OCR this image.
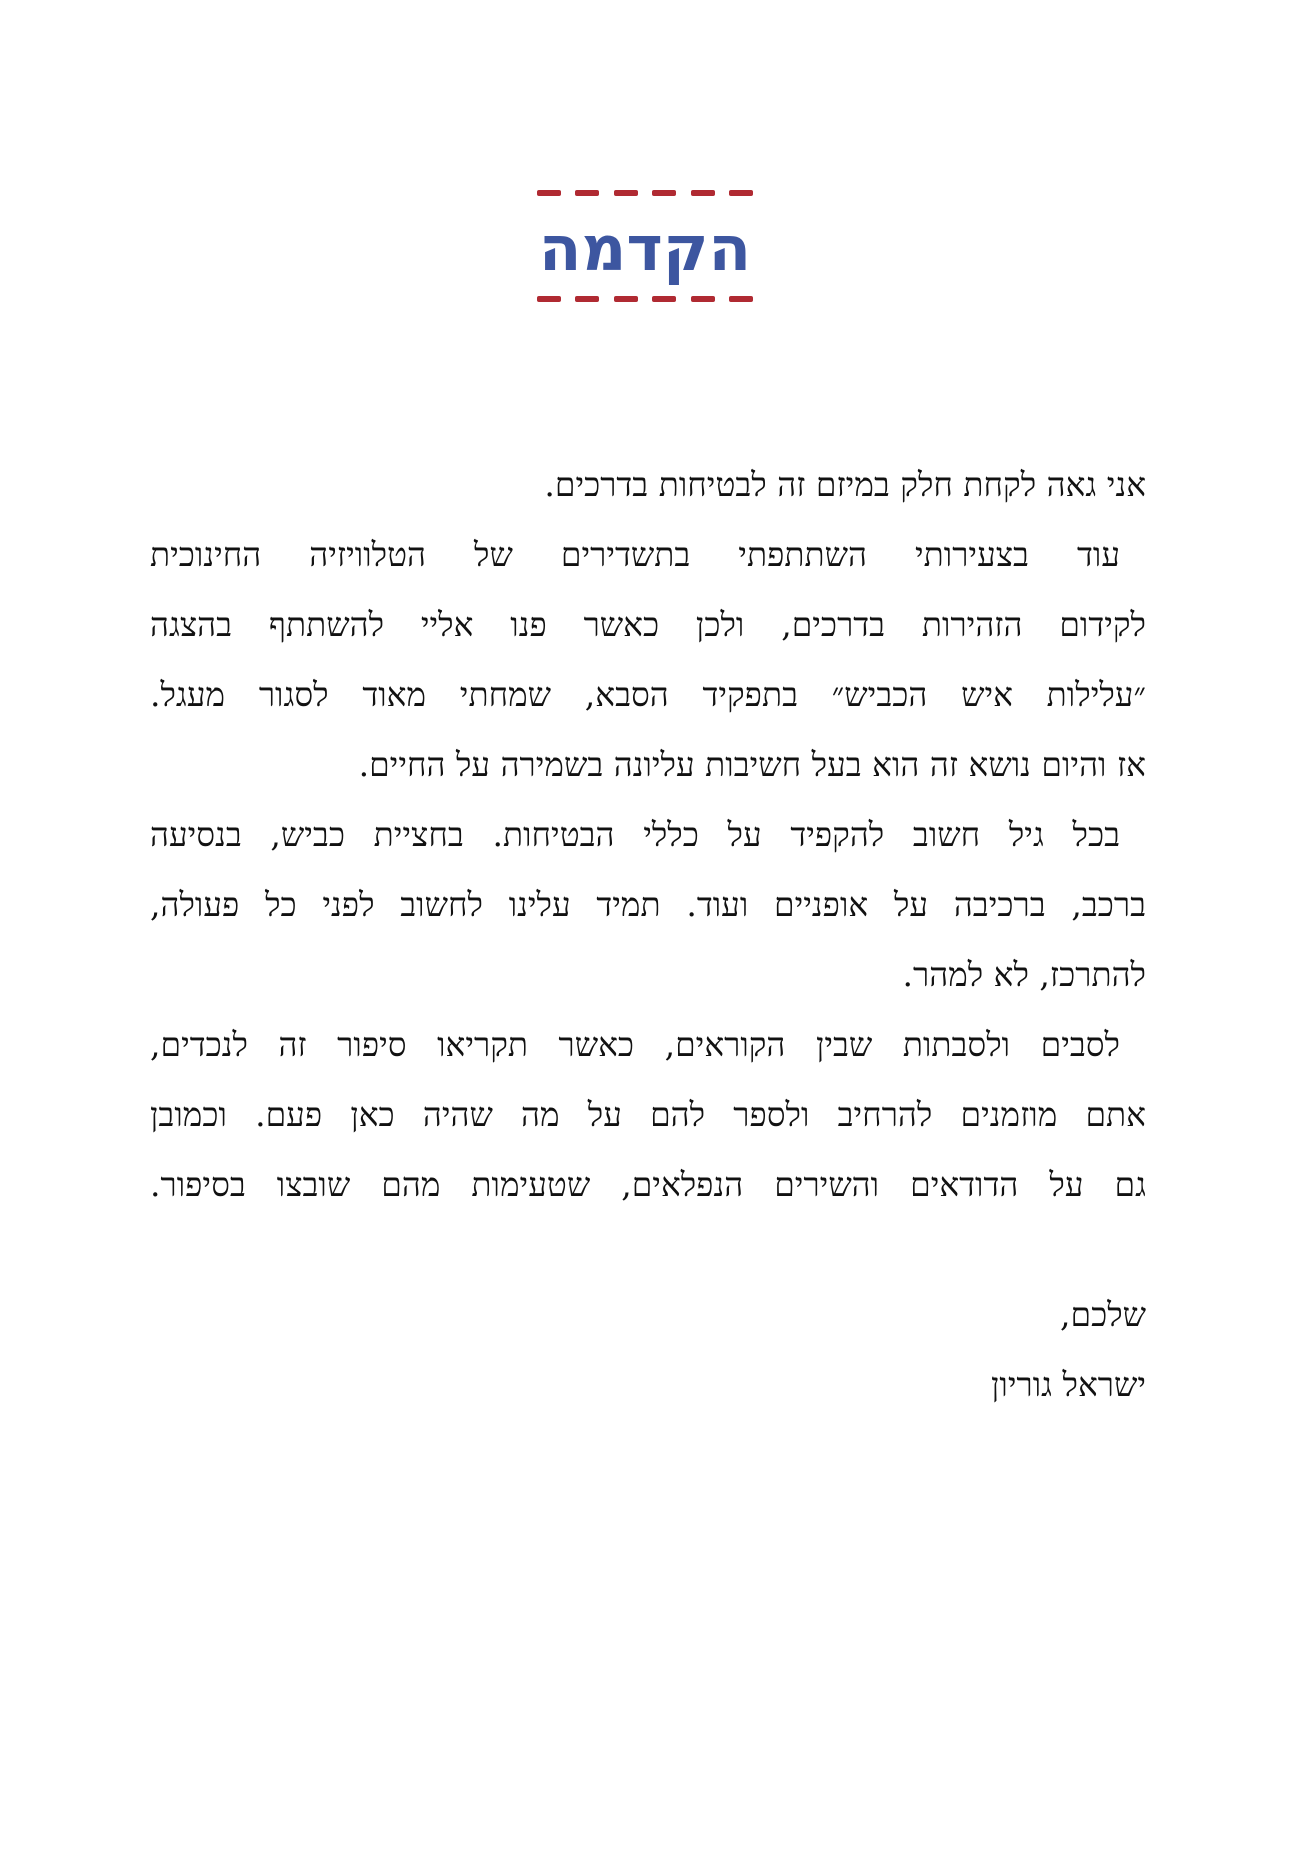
הקדמה
אני גאה לקחת חלק במיזם זה לבטיחות בדרכים.
עוד בצעירותי השתתפתי בתשדירים של הטלוויזיה החינוכית
לקידום הזהירות בדרכים, ולכן כאשר פנו אליי להשתתף בהצגה
״עלילות איש הכביש״ בתפקיד הסבא, שמחתי מאוד לסגור מעגל.
אז והיום נושא זה הוא בעל חשיבות עליונה בשמירה על החיים.
בכל גיל חשוב להקפיד על כללי הבטיחות. בחציית כביש, בנסיעה
ברכב, ברכיבה על אופניים ועוד. תמיד עלינו לחשוב לפני כל פעולה,
להתרכז, לא למהר.
לסבים ולסבתות שבין הקוראים, כאשר תקריאו סיפור זה לנכדים,
אתם מוזמנים להרחיב ולספר להם על מה שהיה כאן פעם. וכמובן
גם על הדודאים והשירים הנפלאים, שטעימות מהם שובצו בסיפור.
שלכם,
ישראל גוריון
